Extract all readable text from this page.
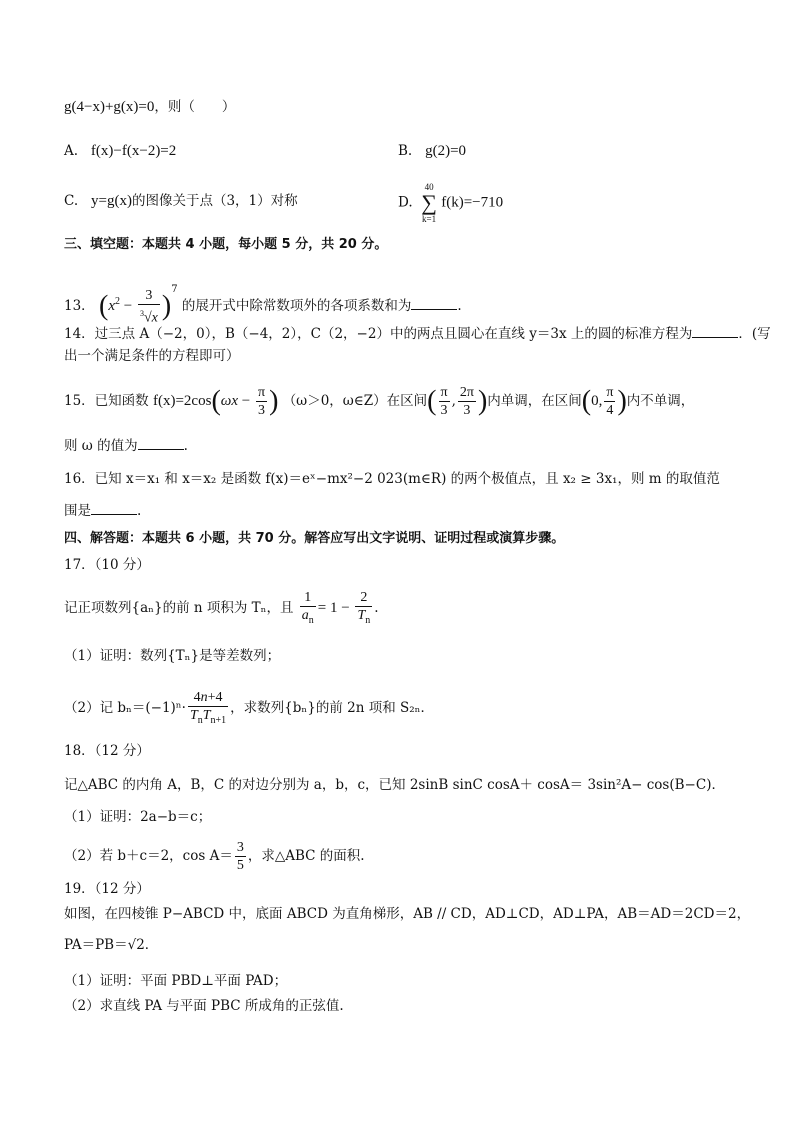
g(4−x)+g(x)=0，则（　　）
A. f(x)−f(x−2)=2	B. g(2)=0
C. y=g(x)的图像关于点（3，1）对称	D.
40
∑
k=1
f(k)=−710
三、填空题：本题共 4 小题，每小题 5 分，共 20 分。
13． $(x^2 - \frac{3}{^3√x} )^7$ 的展开式中除常数项外的各项系数和为	.
14．过三点 A（−2，0），B（−4，2），C（2，−2）中的两点且圆心在直线 y＝3x 上的圆的标准方程为	．(写
出一个满足条件的方程即可）
15．已知函数 $f(x)=2\cos(\omega x - \frac{\pi}{3}$ ) （ω＞0，ω∈Z）在区间( $\frac{\pi}{3}$ , $\frac{2\pi}{3}$ )内单调，在区间(0, $\frac{\pi}{4}$ )内不单调，
则 ω 的值为	.
16．已知 x＝x₁ 和 x＝x₂ 是函数 f(x)＝eˣ−mx²−2 023(m∈R) 的两个极值点，且 x₂ ≥ 3x₁，则 m 的取值范
围是	.
四、解答题：本题共 6 小题，共 70 分。解答应写出文字说明、证明过程或演算步骤。
17．（10 分）
记正项数列{aₙ}的前 n 项积为 Tₙ，且 $\frac{1}{a_n} = 1 - \frac{2}{T_n}$ .
（1）证明：数列{Tₙ}是等差数列；
（2）记 $b_n=(-1)^n\cdot \frac{4n+4}{T_nT_{n+1}}$ ，求数列{bₙ}的前 2n 项和 S₂ₙ．
18．（12 分）
记△ABC 的内角 A，B，C 的对边分别为 a，b，c，已知 2sinB sinC cosA＋ cosA＝ 3sin²A− cos(B−C)．
（1）证明：2a−b＝c；
（2）若 b＋c＝2，$\cos A= \frac{3}{5}$ ，求△ABC 的面积.
19．（12 分）
如图，在四棱锥 P−ABCD 中，底面 ABCD 为直角梯形，AB // CD，AD⊥CD，AD⊥PA，AB＝AD＝2CD＝2，
PA＝PB＝√2．
（1）证明：平面 PBD⊥平面 PAD；
（2）求直线 PA 与平面 PBC 所成角的正弦值.
